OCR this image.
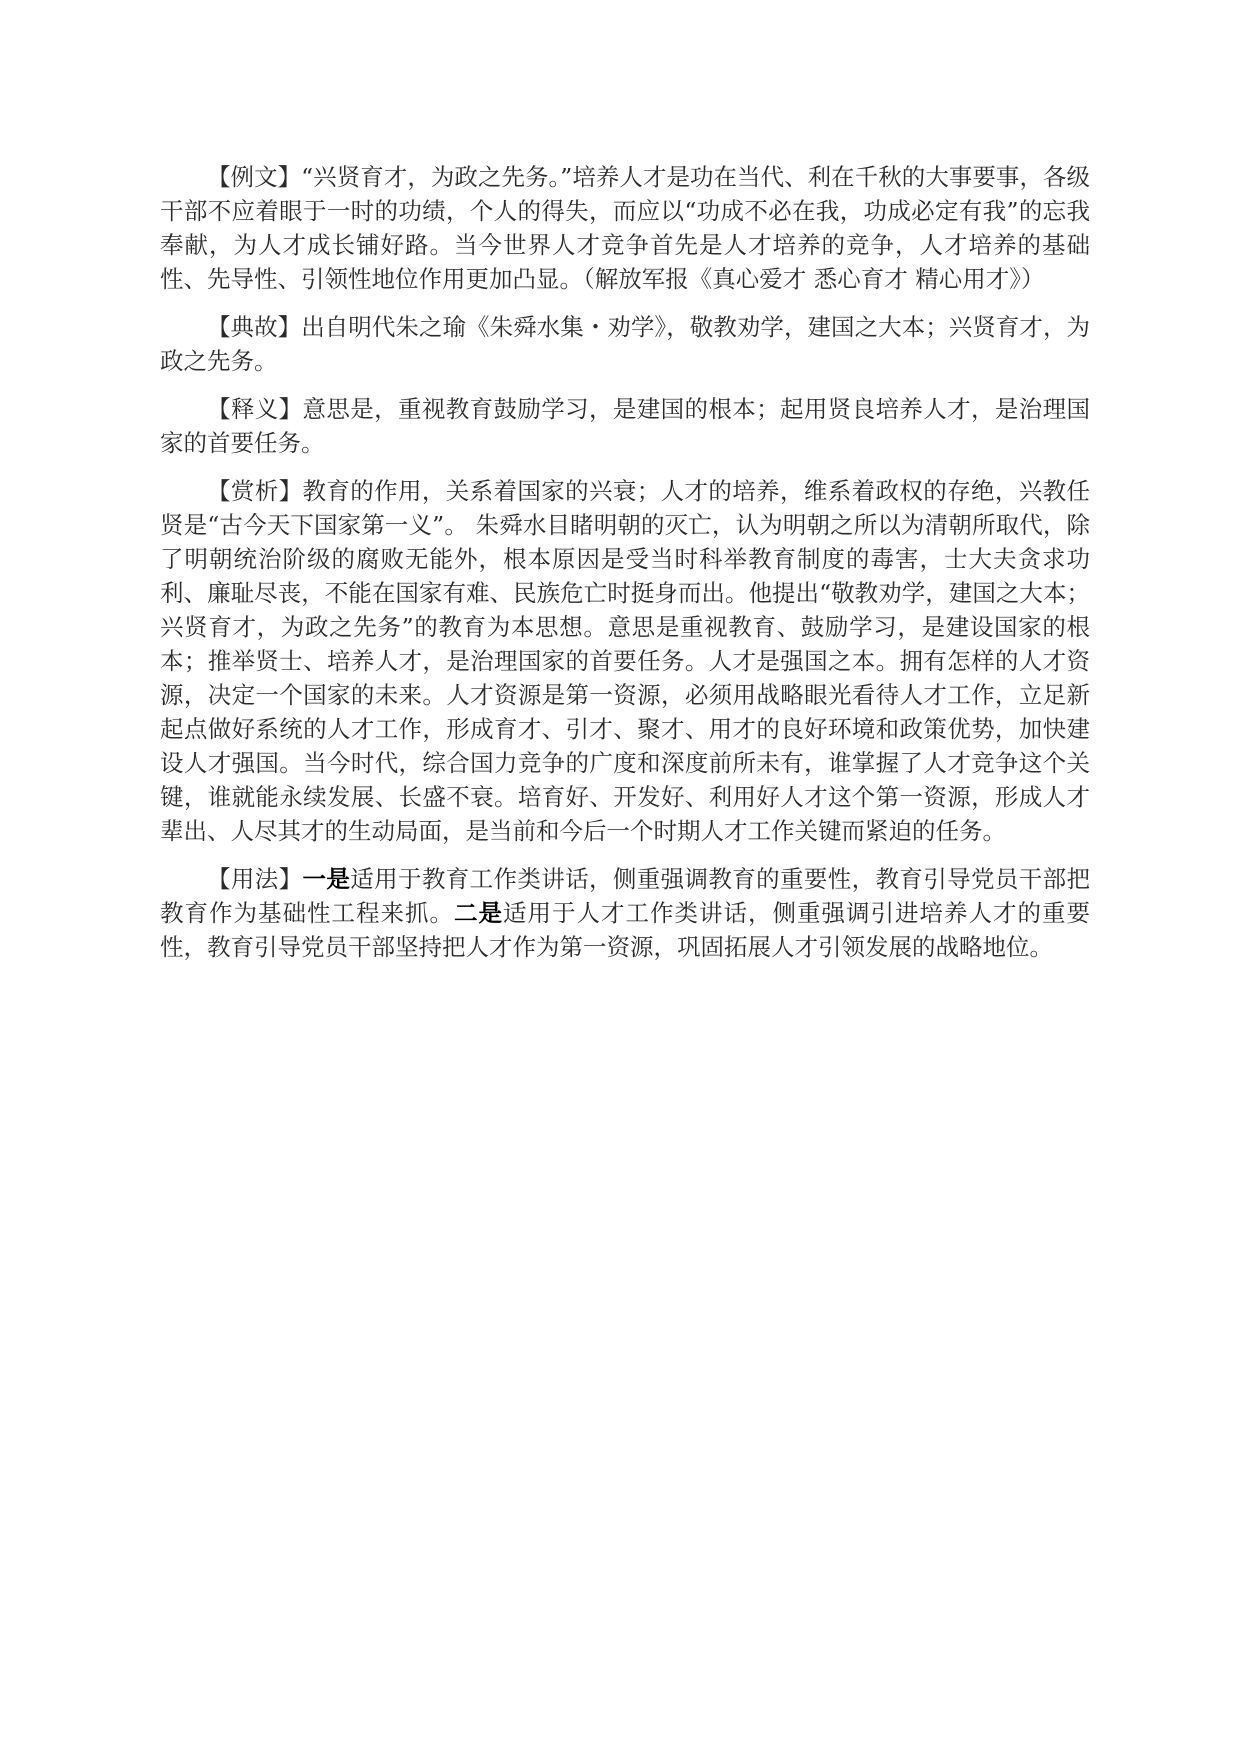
【例文】“兴贤育才，为政之先务。”培养人才是功在当代、利在千秋的大事要事，各级干部不应着眼于一时的功绩，个人的得失，而应以“功成不必在我，功成必定有我”的忘我奉献，为人才成长铺好路。当今世界人才竞争首先是人才培养的竞争，人才培养的基础性、先导性、引领性地位作用更加凸显。（解放军报《真心爱才 悉心育才 精心用才》）

【典故】出自明代朱之瑜《朱舜水集・劝学》，敬教劝学，建国之大本；兴贤育才，为政之先务。

【释义】意思是，重视教育鼓励学习，是建国的根本；起用贤良培养人才，是治理国家的首要任务。

【赏析】教育的作用，关系着国家的兴衰；人才的培养，维系着政权的存绝，兴教任贤是“古今天下国家第一义”。 朱舜水目睹明朝的灭亡，认为明朝之所以为清朝所取代，除了明朝统治阶级的腐败无能外，根本原因是受当时科举教育制度的毒害，士大夫贪求功利、廉耻尽丧，不能在国家有难、民族危亡时挺身而出。他提出“敬教劝学，建国之大本；兴贤育才，为政之先务”的教育为本思想。意思是重视教育、鼓励学习，是建设国家的根本；推举贤士、培养人才，是治理国家的首要任务。人才是强国之本。拥有怎样的人才资源，决定一个国家的未来。人才资源是第一资源，必须用战略眼光看待人才工作，立足新起点做好系统的人才工作，形成育才、引才、聚才、用才的良好环境和政策优势，加快建设人才强国。当今时代，综合国力竞争的广度和深度前所未有，谁掌握了人才竞争这个关键，谁就能永续发展、长盛不衰。培育好、开发好、利用好人才这个第一资源，形成人才辈出、人尽其才的生动局面，是当前和今后一个时期人才工作关键而紧迫的任务。

【用法】一是适用于教育工作类讲话，侧重强调教育的重要性，教育引导党员干部把教育作为基础性工程来抓。二是适用于人才工作类讲话，侧重强调引进培养人才的重要性，教育引导党员干部坚持把人才作为第一资源，巩固拓展人才引领发展的战略地位。
